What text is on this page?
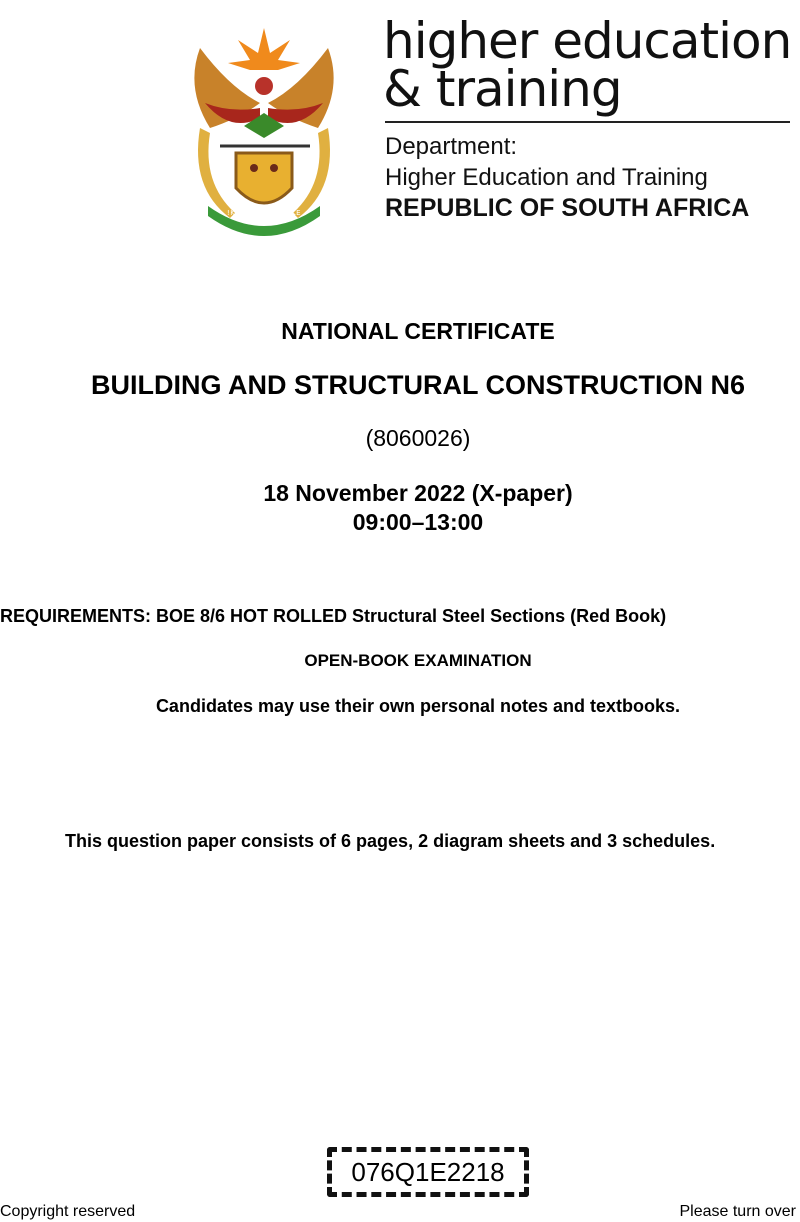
!KE E: /XARRA //KE
higher education
& training
Department:
Higher Education and Training
REPUBLIC OF SOUTH AFRICA
NATIONAL CERTIFICATE
BUILDING AND STRUCTURAL CONSTRUCTION N6
(8060026)
18 November 2022 (X-paper)
09:00–13:00
REQUIREMENTS: BOE 8/6 HOT ROLLED Structural Steel Sections (Red Book)
OPEN-BOOK EXAMINATION
Candidates may use their own personal notes and textbooks.
This question paper consists of 6 pages, 2 diagram sheets and 3 schedules.
076Q1E2218
Copyright reserved	Please turn over
